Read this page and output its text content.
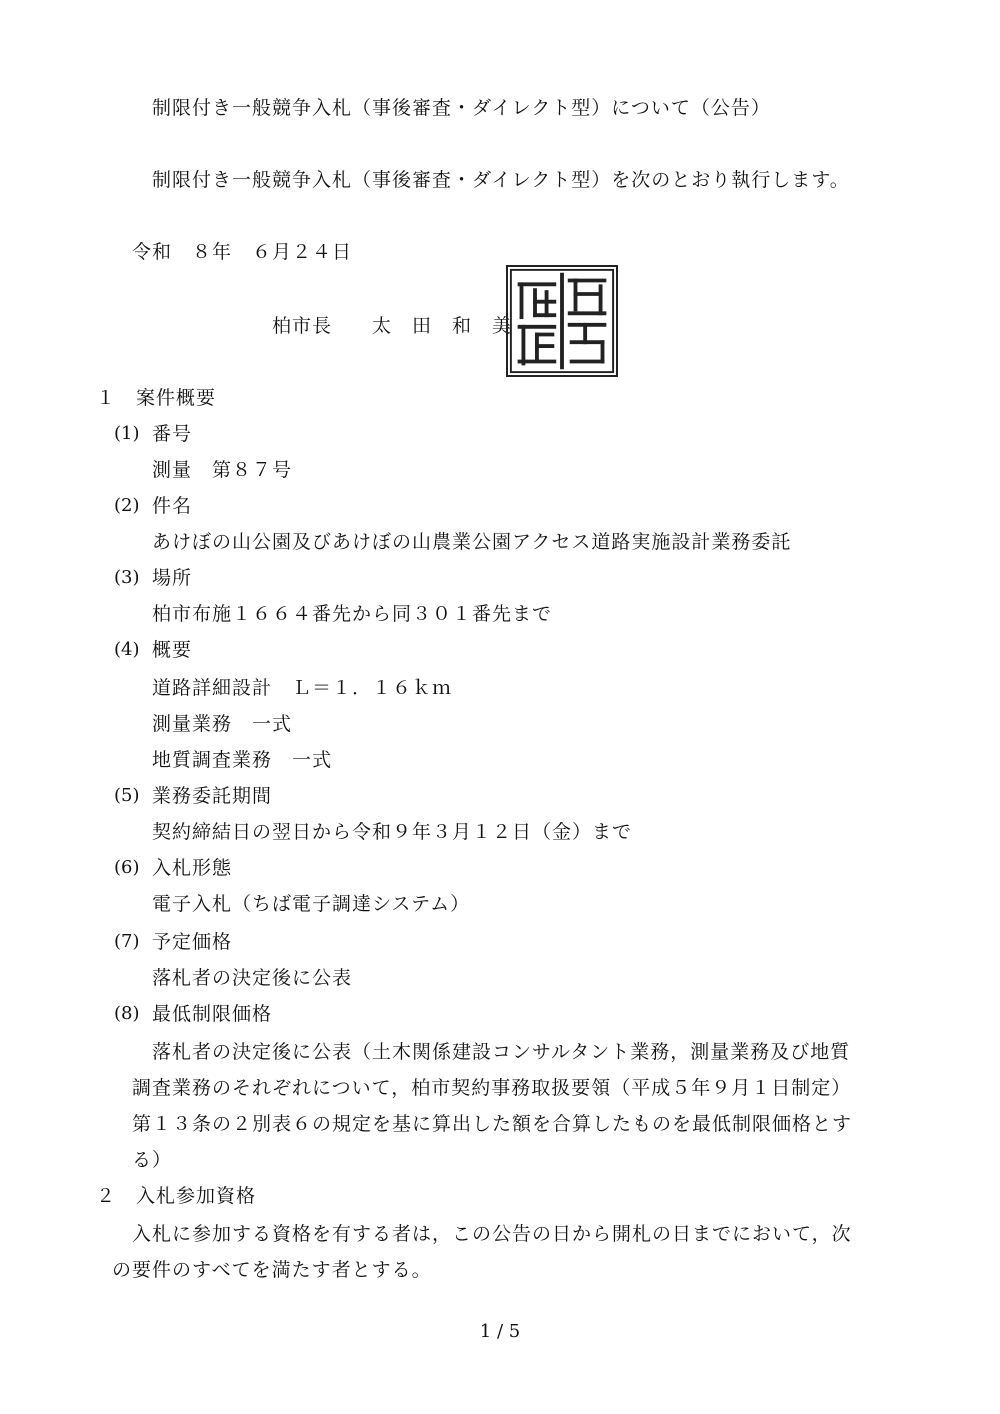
制限付き一般競争入札（事後審査・ダイレクト型）について（公告）
制限付き一般競争入札（事後審査・ダイレクト型）を次のとおり執行します。
令和　８年　６月２４日
柏市長　　太　田　和　美
１　案件概要
(1) 番号
測量　第８７号
(2) 件名
あけぼの山公園及びあけぼの山農業公園アクセス道路実施設計業務委託
(3) 場所
柏市布施１６６４番先から同３０１番先まで
(4) 概要
道路詳細設計　Ｌ＝１．１６ｋｍ
測量業務　一式
地質調査業務　一式
(5) 業務委託期間
契約締結日の翌日から令和９年３月１２日（金）まで
(6) 入札形態
電子入札（ちば電子調達システム）
(7) 予定価格
落札者の決定後に公表
(8) 最低制限価格
落札者の決定後に公表（土木関係建設コンサルタント業務，測量業務及び地質
調査業務のそれぞれについて，柏市契約事務取扱要領（平成５年９月１日制定）
第１３条の２別表６の規定を基に算出した額を合算したものを最低制限価格とす
る）
２　入札参加資格
入札に参加する資格を有する者は，この公告の日から開札の日までにおいて，次
の要件のすべてを満たす者とする。
1 / 5
